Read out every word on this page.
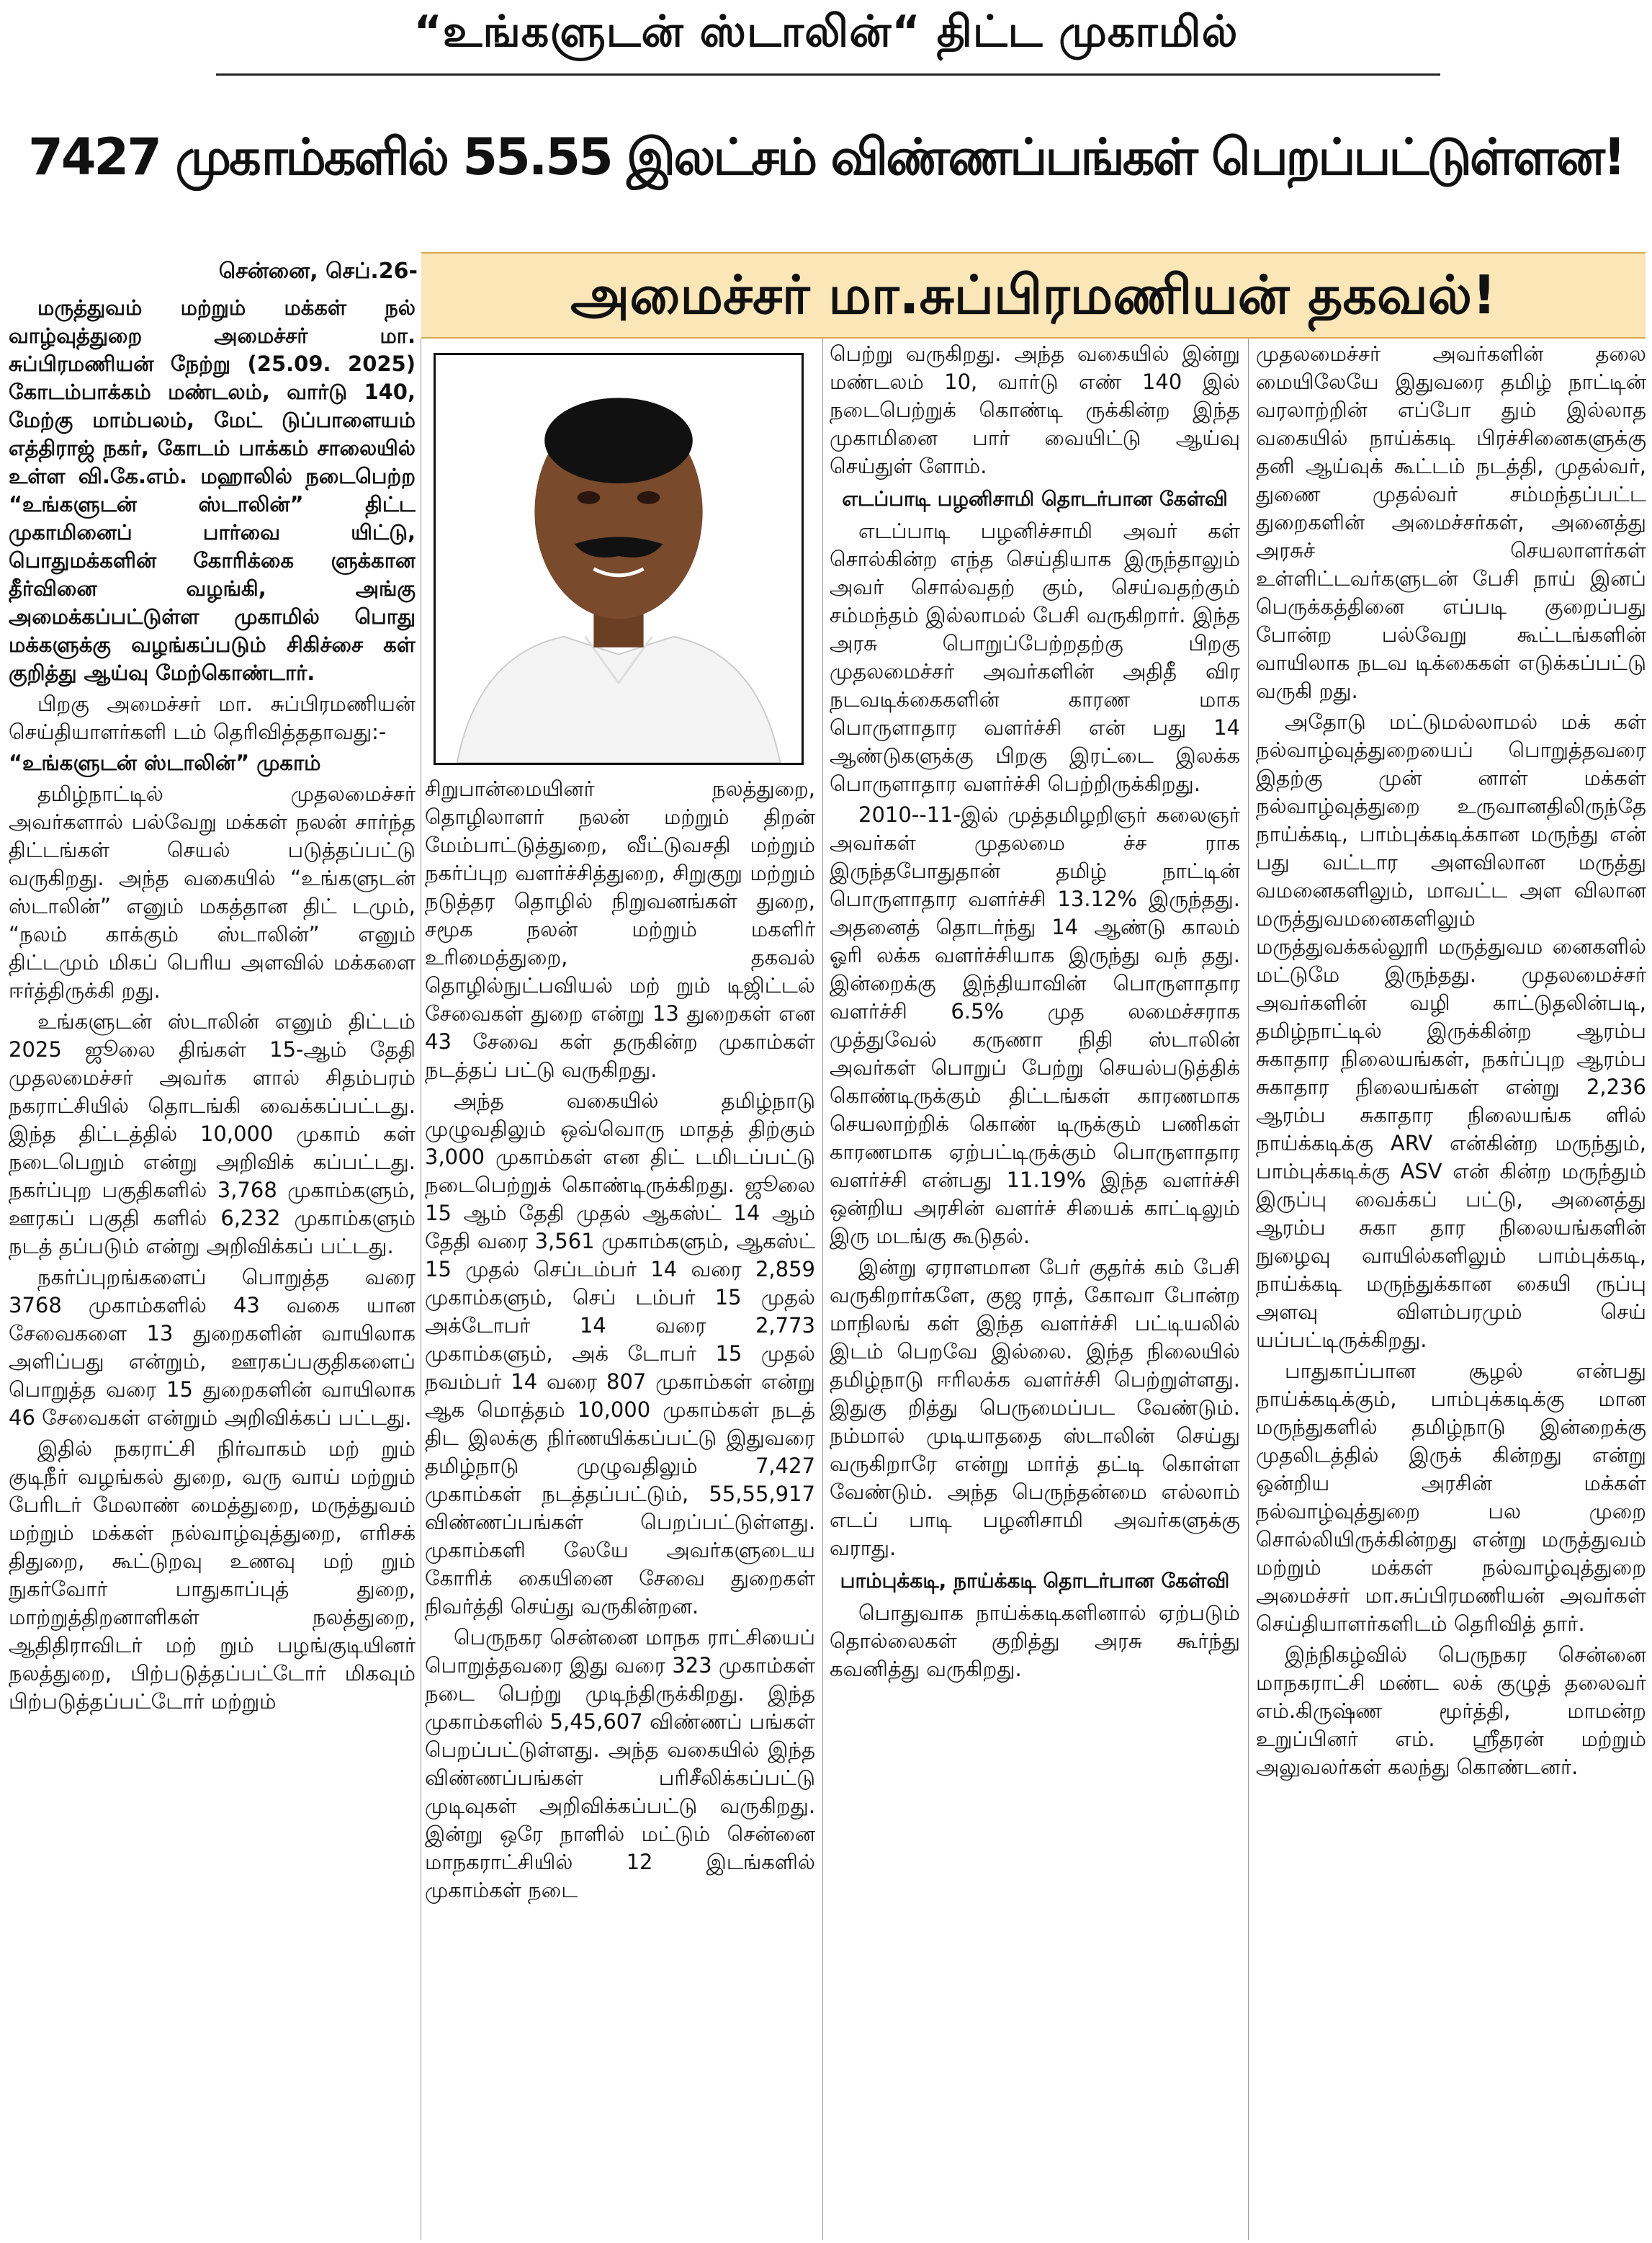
“உங்களுடன் ஸ்டாலின்“ திட்ட முகாமில்
7427 முகாம்களில் 55.55 இலட்சம் விண்ணப்பங்கள் பெறப்பட்டுள்ளன!
சென்னை, செப்.26-	அமைச்சர் மா.சுப்பிரமணியன் தகவல்!

மருத்துவம் மற்றும் மக்கள் நல் வாழ்வுத்துறை அமைச்சர் மா. சுப்பிரமணியன் நேற்று (25.09. 2025) கோடம்பாக்கம் மண்டலம், வார்டு 140, மேற்கு மாம்பலம், மேட் டுப்பாளையம் எத்திராஜ் நகர், கோடம் பாக்கம் சாலையில் உள்ள வி.கே.எம். மஹாலில் நடைபெற்ற “உங்களுடன் ஸ்டாலின்” திட்ட முகாமினைப் பார்வை யிட்டு, பொதுமக்களின் கோரிக்கை ளுக்கான தீர்வினை வழங்கி, அங்கு அமைக்கப்பட்டுள்ள முகாமில் பொது மக்களுக்கு வழங்கப்படும் சிகிச்சை கள் குறித்து ஆய்வு மேற்கொண்டார்.

பிறகு அமைச்சர் மா. சுப்பிரமணியன் செய்தியாளர்களி டம் தெரிவித்ததாவது:-

“உங்களுடன் ஸ்டாலின்” முகாம்

தமிழ்நாட்டில் முதலமைச்சர் அவர்களால் பல்வேறு மக்கள் நலன் சார்ந்த திட்டங்கள் செயல் படுத்தப்பட்டு வருகிறது. அந்த வகையில் “உங்களுடன் ஸ்டாலின்” எனும் மகத்தான திட் டமும், “நலம் காக்கும் ஸ்டாலின்” எனும் திட்டமும் மிகப் பெரிய அளவில் மக்களை ஈர்த்திருக்கி றது.

உங்களுடன் ஸ்டாலின் எனும் திட்டம் 2025 ஜூலை திங்கள் 15-ஆம் தேதி முதலமைச்சர் அவர்க ளால் சிதம்பரம் நகராட்சியில் தொடங்கி வைக்கப்பட்டது. இந்த திட்டத்தில் 10,000 முகாம் கள் நடைபெறும் என்று அறிவிக் கப்பட்டது. நகர்ப்புற பகுதிகளில் 3,768 முகாம்களும், ஊரகப் பகுதி களில் 6,232 முகாம்களும் நடத் தப்படும் என்று அறிவிக்கப் பட்டது.

நகர்ப்புறங்களைப் பொறுத்த வரை 3768 முகாம்களில் 43 வகை யான சேவைகளை 13 துறைகளின் வாயிலாக அளிப்பது என்றும், ஊரகப்பகுதிகளைப் பொறுத்த வரை 15 துறைகளின் வாயிலாக 46 சேவைகள் என்றும் அறிவிக்கப் பட்டது.

இதில் நகராட்சி நிர்வாகம் மற் றும் குடிநீர் வழங்கல் துறை, வரு வாய் மற்றும் பேரிடர் மேலாண் மைத்துறை, மருத்துவம் மற்றும் மக்கள் நல்வாழ்வுத்துறை, எரிசக் திதுறை, கூட்டுறவு உணவு மற் றும் நுகர்வோர் பாதுகாப்புத் துறை, மாற்றுத்திறனாளிகள் நலத்துறை, ஆதிதிராவிடர் மற் றும் பழங்குடியினர் நலத்துறை, பிற்படுத்தப்பட்டோர் மிகவும் பிற்படுத்தப்பட்டோர் மற்றும்

சிறுபான்மையினர் நலத்துறை, தொழிலாளர் நலன் மற்றும் திறன் மேம்பாட்டுத்துறை, வீட்டுவசதி மற்றும் நகர்ப்புற வளர்ச்சித்துறை, சிறுகுறு மற்றும் நடுத்தர தொழில் நிறுவனங்கள் துறை, சமூக நலன் மற்றும் மகளிர் உரிமைத்துறை, தகவல் தொழில்நுட்பவியல் மற் றும் டிஜிட்டல் சேவைகள் துறை என்று 13 துறைகள் என 43 சேவை கள் தருகின்ற முகாம்கள் நடத்தப் பட்டு வருகிறது.

அந்த வகையில் தமிழ்நாடு முழுவதிலும் ஒவ்வொரு மாதத் திற்கும் 3,000 முகாம்கள் என திட் டமிடப்பட்டு நடைபெற்றுக் கொண்டிருக்கிறது. ஜூலை 15 ஆம் தேதி முதல் ஆகஸ்ட் 14 ஆம் தேதி வரை 3,561 முகாம்களும், ஆகஸ்ட் 15 முதல் செப்டம்பர் 14 வரை 2,859 முகாம்களும், செப் டம்பர் 15 முதல் அக்டோபர் 14 வரை 2,773 முகாம்களும், அக் டோபர் 15 முதல் நவம்பர் 14 வரை 807 முகாம்கள் என்று ஆக மொத்தம் 10,000 முகாம்கள் நடத் திட இலக்கு நிர்ணயிக்கப்பட்டு இதுவரை தமிழ்நாடு முழுவதிலும் 7,427 முகாம்கள் நடத்தப்பட்டும், 55,55,917 விண்ணப்பங்கள் பெறப்பட்டுள்ளது. முகாம்களி லேயே அவர்களுடைய கோரிக் கையினை சேவை துறைகள் நிவர்த்தி செய்து வருகின்றன.

பெருநகர சென்னை மாநக ராட்சியைப் பொறுத்தவரை இது வரை 323 முகாம்கள் நடை பெற்று முடிந்திருக்கிறது. இந்த முகாம்களில் 5,45,607 விண்ணப் பங்கள் பெறப்பட்டுள்ளது. அந்த வகையில் இந்த விண்ணப்பங்கள் பரிசீலிக்கப்பட்டு முடிவுகள் அறிவிக்கப்பட்டு வருகிறது. இன்று ஒரே நாளில் மட்டும் சென்னை மாநகராட்சியில் 12 இடங்களில் முகாம்கள் நடை

பெற்று வருகிறது. அந்த வகையில் இன்று மண்டலம் 10, வார்டு எண் 140 இல் நடைபெற்றுக் கொண்டி ருக்கின்ற இந்த முகாமினை பார் வையிட்டு ஆய்வு செய்துள் ளோம்.

எடப்பாடி பழனிசாமி தொடர்பான கேள்வி

எடப்பாடி பழனிச்சாமி அவர் கள் சொல்கின்ற எந்த செய்தியாக இருந்தாலும் அவர் சொல்வதற் கும், செய்வதற்கும் சம்மந்தம் இல்லாமல் பேசி வருகிறார். இந்த அரசு பொறுப்பேற்றதற்கு பிறகு முதலமைச்சர் அவர்களின் அதிதீ விர நடவடிக்கைகளின் காரண மாக பொருளாதார வளர்ச்சி என் பது 14 ஆண்டுகளுக்கு பிறகு இரட்டை இலக்க பொருளாதார வளர்ச்சி பெற்றிருக்கிறது.

2010--11-இல் முத்தமிழறிஞர் கலைஞர் அவர்கள் முதலமை ச்ச ராக இருந்தபோதுதான் தமிழ் நாட்டின் பொருளாதார வளர்ச்சி 13.12% இருந்தது. அதனைத் தொடர்ந்து 14 ஆண்டு காலம் ஓரி லக்க வளர்ச்சியாக இருந்து வந் தது. இன்றைக்கு இந்தியாவின் பொருளாதார வளர்ச்சி 6.5% முத லமைச்சராக முத்துவேல் கருணா நிதி ஸ்டாலின் அவர்கள் பொறுப் பேற்று செயல்படுத்திக் கொண்டிருக்கும் திட்டங்கள் காரணமாக செயலாற்றிக் கொண் டிருக்கும் பணிகள் காரணமாக ஏற்பட்டிருக்கும் பொருளாதார வளர்ச்சி என்பது 11.19% இந்த வளர்ச்சி ஒன்றிய அரசின் வளர்ச் சியைக் காட்டிலும் இரு மடங்கு கூடுதல்.

இன்று ஏராளமான பேர் குதர்க் கம் பேசி வருகிறார்களே, குஜ ராத், கோவா போன்ற மாநிலங் கள் இந்த வளர்ச்சி பட்டியலில் இடம் பெறவே இல்லை. இந்த நிலையில் தமிழ்நாடு ஈரிலக்க வளர்ச்சி பெற்றுள்ளது. இதுகு றித்து பெருமைப்பட வேண்டும். நம்மால் முடியாததை ஸ்டாலின் செய்து வருகிறாரே என்று மார்த் தட்டி கொள்ள வேண்டும். அந்த பெருந்தன்மை எல்லாம் எடப் பாடி பழனிசாமி அவர்களுக்கு வராது.

பாம்புக்கடி, நாய்க்கடி தொடர்பான கேள்வி

பொதுவாக நாய்க்கடிகளினால் ஏற்படும் தொல்லைகள் குறித்து அரசு கூர்ந்து கவனித்து வருகிறது.

முதலமைச்சர் அவர்களின் தலை மையிலேயே இதுவரை தமிழ் நாட்டின் வரலாற்றின் எப்போ தும் இல்லாத வகையில் நாய்க்கடி பிரச்சினைகளுக்கு தனி ஆய்வுக் கூட்டம் நடத்தி, முதல்வர், துணை முதல்வர் சம்மந்தப்பட்ட துறைகளின் அமைச்சர்கள், அனைத்து அரசுச் செயலாளர்கள் உள்ளிட்டவர்களுடன் பேசி நாய் இனப் பெருக்கத்தினை எப்படி குறைப்பது போன்ற பல்வேறு கூட்டங்களின் வாயிலாக நடவ டிக்கைகள் எடுக்கப்பட்டு வருகி றது.

அதோடு மட்டுமல்லாமல் மக் கள் நல்வாழ்வுத்துறையைப் பொறுத்தவரை இதற்கு முன் னாள் மக்கள் நல்வாழ்வுத்துறை உருவானதிலிருந்தே நாய்க்கடி, பாம்புக்கடிக்கான மருந்து என் பது வட்டார அளவிலான மருத்து வமனைகளிலும், மாவட்ட அள விலான மருத்துவமனைகளிலும் மருத்துவக்கல்லூரி மருத்துவம னைகளில் மட்டுமே இருந்தது. முதலமைச்சர் அவர்களின் வழி காட்டுதலின்படி, தமிழ்நாட்டில் இருக்கின்ற ஆரம்ப சுகாதார நிலையங்கள், நகர்ப்புற ஆரம்ப சுகாதார நிலையங்கள் என்று 2,236 ஆரம்ப சுகாதார நிலையங்க ளில் நாய்க்கடிக்கு ARV என்கின்ற மருந்தும், பாம்புக்கடிக்கு ASV என் கின்ற மருந்தும் இருப்பு வைக்கப் பட்டு, அனைத்து ஆரம்ப சுகா தார நிலையங்களின் நுழைவு வாயில்களிலும் பாம்புக்கடி, நாய்க்கடி மருந்துக்கான கையி ருப்பு அளவு விளம்பரமும் செய் யப்பட்டிருக்கிறது.

பாதுகாப்பான சூழல் என்பது நாய்க்கடிக்கும், பாம்புக்கடிக்கு மான மருந்துகளில் தமிழ்நாடு இன்றைக்கு முதலிடத்தில் இருக் கின்றது என்று ஒன்றிய அரசின் மக்கள் நல்வாழ்வுத்துறை பல முறை சொல்லியிருக்கின்றது என்று மருத்துவம் மற்றும் மக்கள் நல்வாழ்வுத்துறை அமைச்சர் மா.சுப்பிரமணியன் அவர்கள் செய்தியாளர்களிடம் தெரிவித் தார்.

இந்நிகழ்வில் பெருநகர சென்னை மாநகராட்சி மண்ட லக் குழுத் தலைவர் எம்.கிருஷ்ண மூர்த்தி, மாமன்ற உறுப்பினர் எம். ஸ்ரீதரன் மற்றும் அலுவலர்கள் கலந்து கொண்டனர்.
